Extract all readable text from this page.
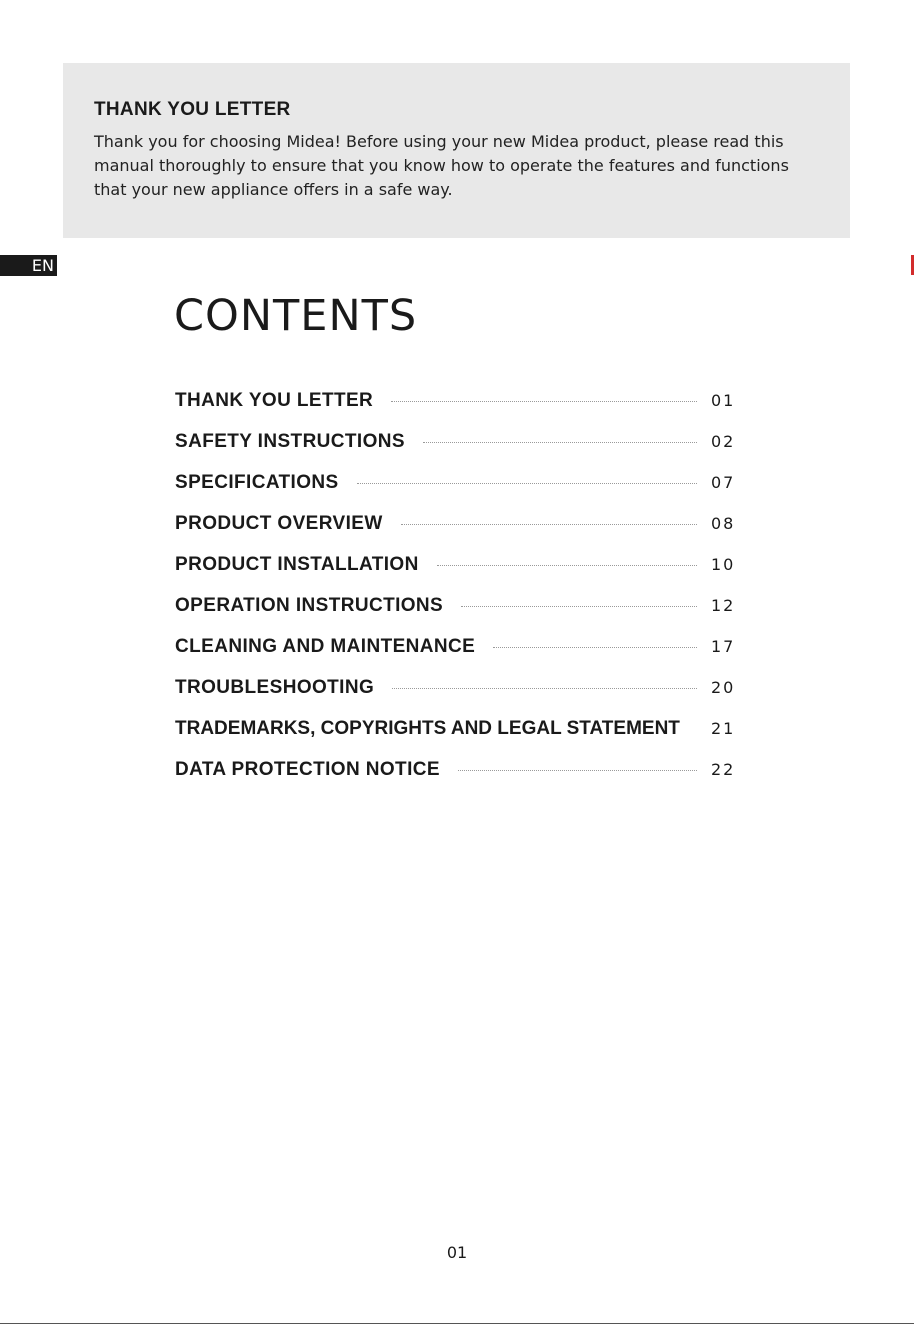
THANK YOU LETTER

Thank you for choosing Midea! Before using your new Midea product, please read this manual thoroughly to ensure that you know how to operate the features and functions that your new appliance offers in a safe way.

EN
CONTENTS
THANK YOU LETTER	01
SAFETY INSTRUCTIONS	02
SPECIFICATIONS	07
PRODUCT OVERVIEW	08
PRODUCT INSTALLATION	10
OPERATION INSTRUCTIONS	12
CLEANING AND MAINTENANCE	17
TROUBLESHOOTING	20
TRADEMARKS, COPYRIGHTS AND LEGAL STATEMENT 21
DATA PROTECTION NOTICE	22
01
